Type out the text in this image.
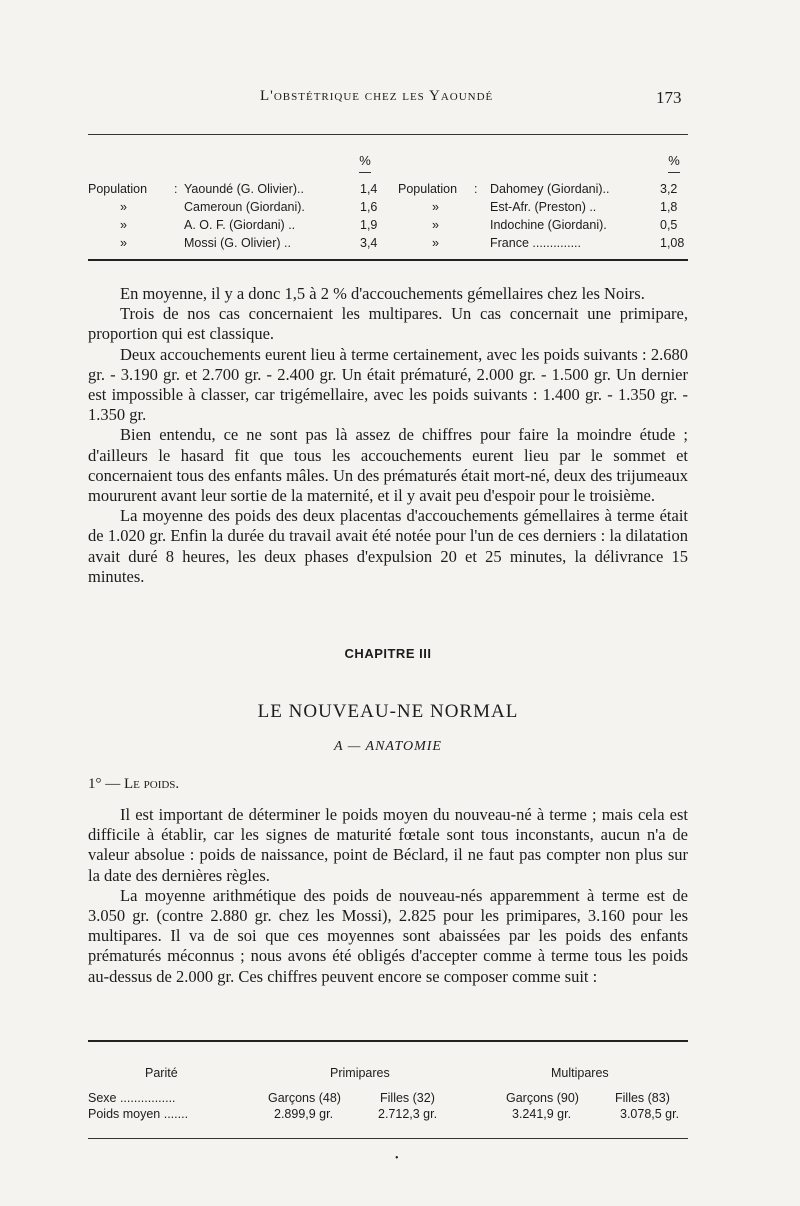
L'obstétrique chez les Yaoundé	173
%	%
Population	:	Yaoundé (G. Olivier)..	1,4
»		Cameroun (Giordani).	1,6
»		A. O. F. (Giordani) ..	1,9
»		Mossi (G. Olivier) ..	3,4
Population	:	Dahomey (Giordani)..	3,2
»		Est-Afr. (Preston) ..	1,8
»		Indochine (Giordani).	0,5
»		France ..............	1,08

En moyenne, il y a donc 1,5 à 2 % d'accouchements gémellaires chez les Noirs.

Trois de nos cas concernaient les multipares. Un cas concernait une primipare, proportion qui est classique.

Deux accouchements eurent lieu à terme certainement, avec les poids suivants : 2.680 gr. - 3.190 gr. et 2.700 gr. - 2.400 gr. Un était prématuré, 2.000 gr. - 1.500 gr. Un dernier est impossible à classer, car trigémellaire, avec les poids suivants : 1.400 gr. - 1.350 gr. - 1.350 gr.

Bien entendu, ce ne sont pas là assez de chiffres pour faire la moindre étude ; d'ailleurs le hasard fit que tous les accouchements eurent lieu par le sommet et concernaient tous des enfants mâles. Un des prématurés était mort-né, deux des trijumeaux moururent avant leur sortie de la maternité, et il y avait peu d'espoir pour le troisième.

La moyenne des poids des deux placentas d'accouchements gémellaires à terme était de 1.020 gr. Enfin la durée du travail avait été notée pour l'un de ces derniers : la dilatation avait duré 8 heures, les deux phases d'expulsion 20 et 25 minutes, la délivrance 15 minutes.

CHAPITRE III
LE NOUVEAU-NE NORMAL
A — ANATOMIE
1° — Le poids.

Il est important de déterminer le poids moyen du nouveau-né à terme ; mais cela est difficile à établir, car les signes de maturité fœtale sont tous inconstants, aucun n'a de valeur absolue : poids de naissance, point de Béclard, il ne faut pas compter non plus sur la date des dernières règles.

La moyenne arithmétique des poids de nouveau-nés apparemment à terme est de 3.050 gr. (contre 2.880 gr. chez les Mossi), 2.825 pour les primipares, 3.160 pour les multipares. Il va de soi que ces moyennes sont abaissées par les poids des enfants prématurés méconnus ; nous avons été obligés d'accepter comme à terme tous les poids au-dessus de 2.000 gr. Ces chiffres peuvent encore se composer comme suit :

Parité	Primipares	Multipares
Sexe ................	Garçons (48)	Filles (32)	Garçons (90)	Filles (83)
Poids moyen .......	2.899,9 gr.	2.712,3 gr.	3.241,9 gr.	3.078,5 gr.
•
